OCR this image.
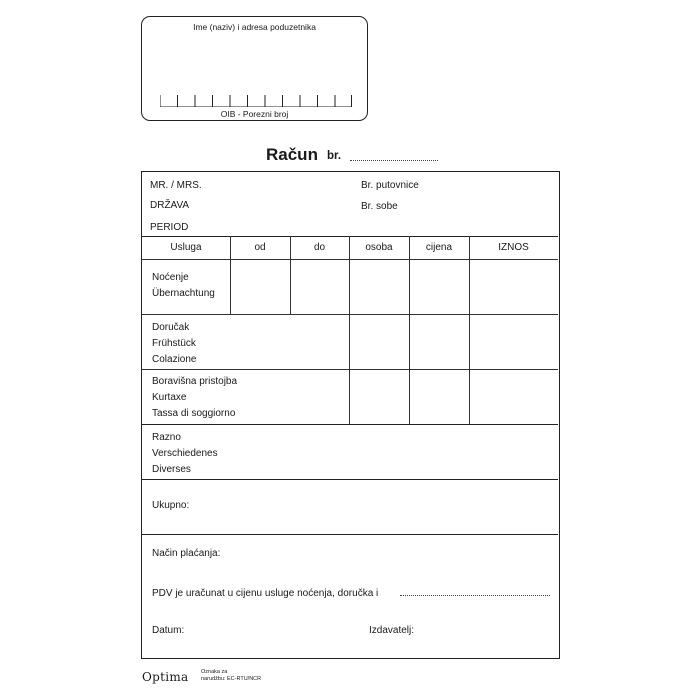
Ime (naziv) i adresa poduzetnika
OIB - Porezni broj
Račun br.
MR. / MRS.	Br. putovnice
DRŽAVA	Br. sobe
PERIOD
Usluga	od	do	osoba	cijena	IZNOS
Noćenje
Übernachtung
Doručak
Frühstück
Colazione
Boravišna pristojba
Kurtaxe
Tassa di soggiorno
Razno
Verschiedenes
Diverses
Ukupno:
Način plaćanja:
PDV je uračunat u cijenu usluge noćenja, doručka i
Datum:	Izdavatelj:
Optima Oznaka za
narudžbu: EC-RTU/NCR
